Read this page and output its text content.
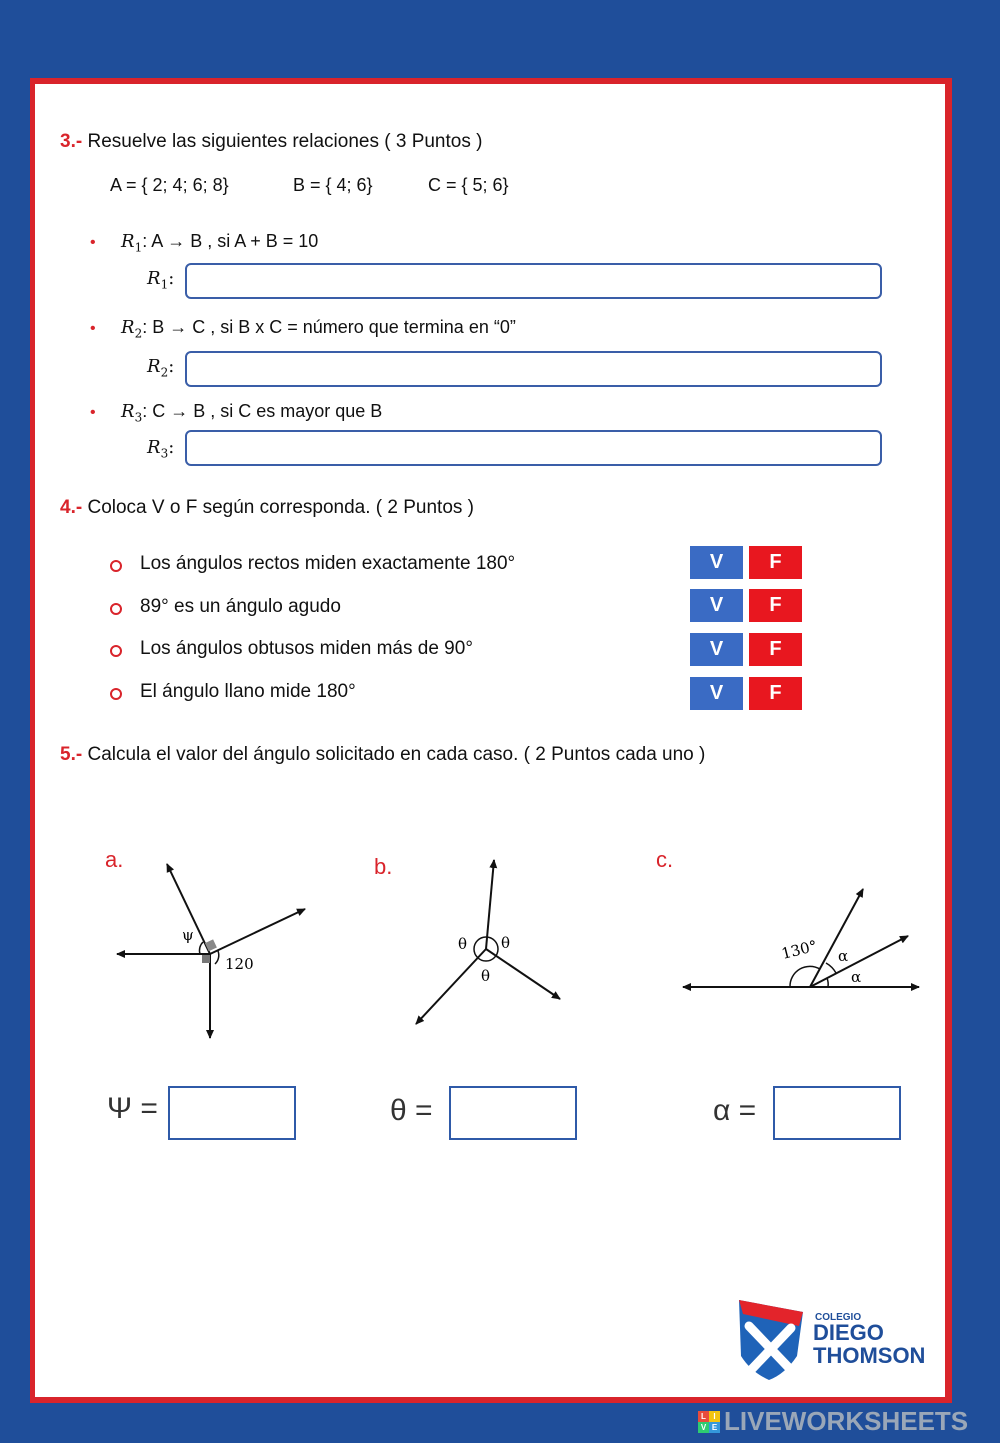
3.- Resuelve las siguientes relaciones ( 3 Puntos )
A = { 2; 4; 6; 8}	B = { 4; 6}	C = { 5; 6}
• $R_1$: A → B , si A + B = 10
$R_1$:
• $R_2$: B → C , si B x C = número que termina en “0”
$R_2$:
• $R_3$: C → B , si C es mayor que B
$R_3$:
4.- Coloca V o F según corresponda. ( 2 Puntos )
Los ángulos rectos miden exactamente 180°	V	F
89° es un ángulo agudo	V	F
Los ángulos obtusos miden más de 90°	V	F
El ángulo llano mide 180°	V	F
5.- Calcula el valor del ángulo solicitado en cada caso. ( 2 Puntos cada uno )
a.	b.	c.
ψ
120
θ θ
θ
130° α
α
Ψ =	θ =	α =
COLEGIO
DIEGO
THOMSON
L I
V E LIVEWORKSHEETS
